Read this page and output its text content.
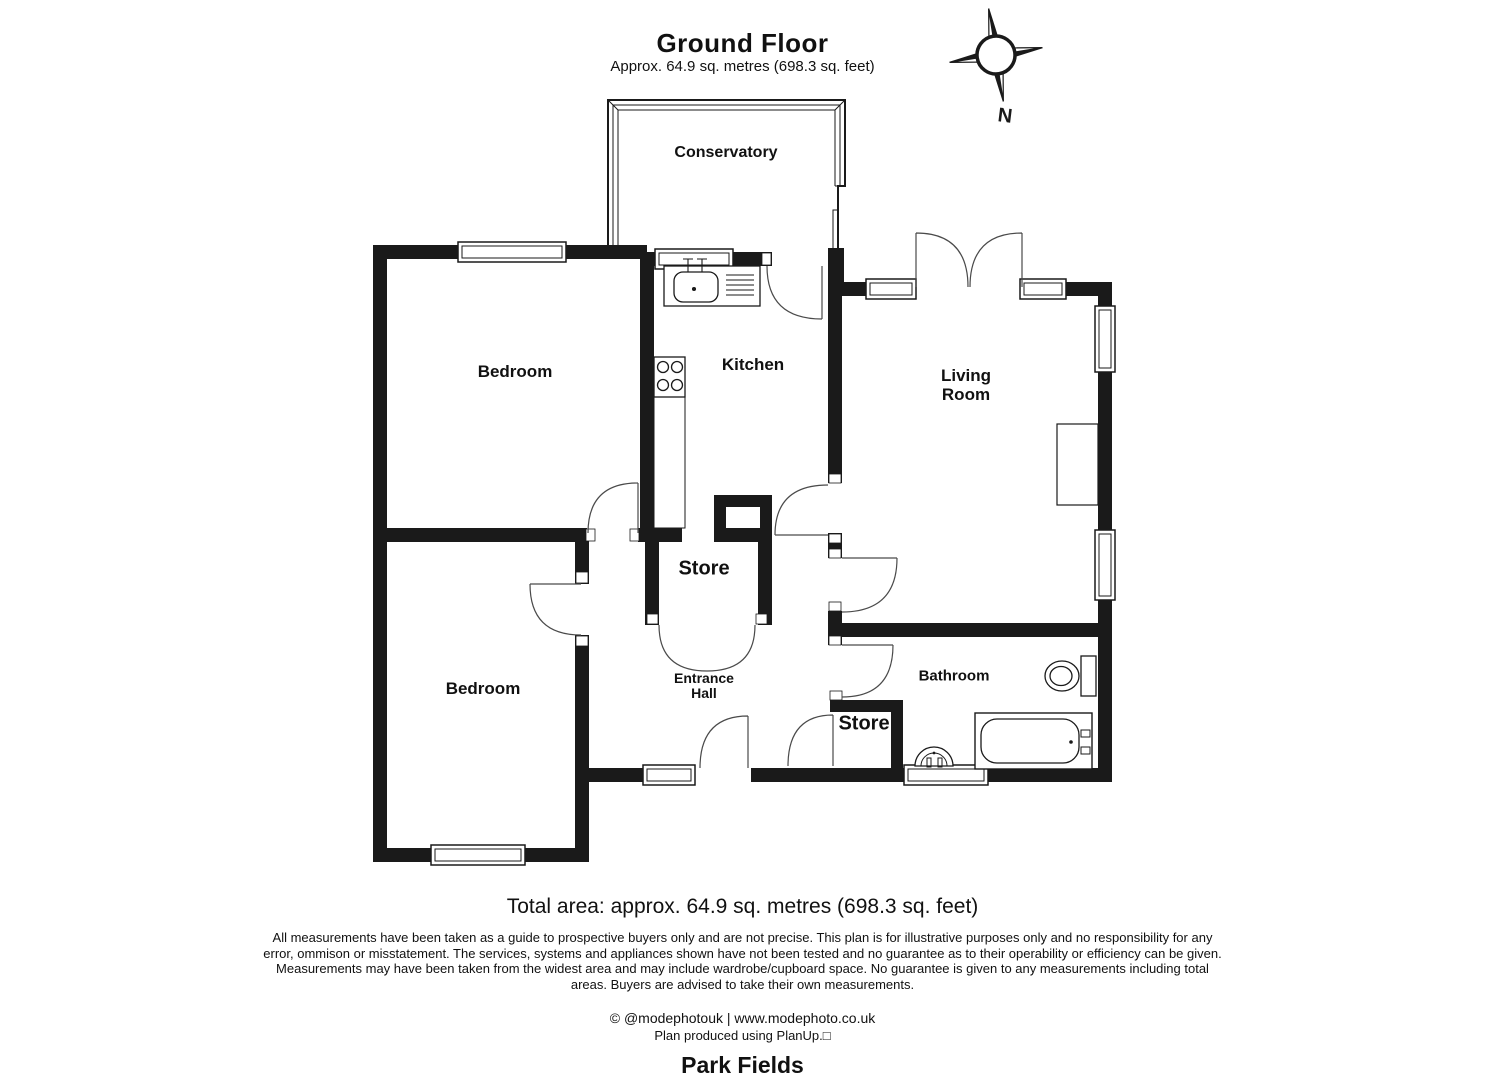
Ground Floor
Approx. 64.9 sq. metres (698.3 sq. feet)
N
Conservatory
Bedroom	Kitchen
Living
Room
Store
Entrance
Hall
Bedroom
Bathroom
Store
Total area: approx. 64.9 sq. metres (698.3 sq. feet)
All measurements have been taken as a guide to prospective buyers only and are not precise. This plan is for illustrative purposes only and no responsibility for any error, ommison or misstatement. The services, systems and appliances shown have not been tested and no guarantee as to their operability or efficiency can be given. Measurements may have been taken from the widest area and may include wardrobe/cupboard space. No guarantee is given to any measurements including total areas. Buyers are advised to take their own measurements.
© @modephotouk | www.modephoto.co.uk
Plan produced using PlanUp.□
Park Fields
